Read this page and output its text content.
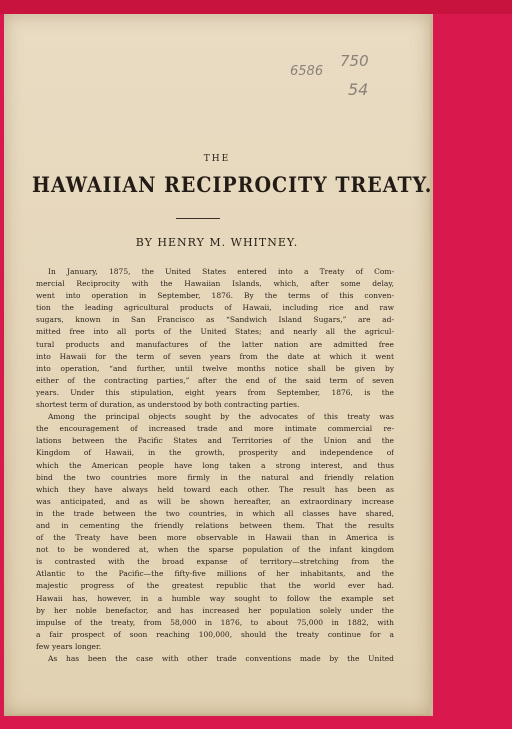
6586
750
54
THE
HAWAIIAN RECIPROCITY TREATY.
BY HENRY M. WHITNEY.
In January, 1875, the United States entered into a Treaty of Com-
mercial Reciprocity with the Hawaiian Islands, which, after some delay,
went into operation in September, 1876. By the terms of this conven-
tion the leading agricultural products of Hawaii, including rice and raw
sugars, known in San Francisco as “Sandwich Island Sugars,” are ad-
mitted free into all ports of the United States; and nearly all the agricul-
tural products and manufactures of the latter nation are admitted free
into Hawaii for the term of seven years from the date at which it went
into operation, “and further, until twelve months notice shall be given by
either of the contracting parties,” after the end of the said term of seven
years. Under this stipulation, eight years from September, 1876, is the
shortest term of duration, as understood by both contracting parties.
Among the principal objects sought by the advocates of this treaty was
the encouragement of increased trade and more intimate commercial re-
lations between the Pacific States and Territories of the Union and the
Kingdom of Hawaii, in the growth, prosperity and independence of
which the American people have long taken a strong interest, and thus
bind the two countries more firmly in the natural and friendly relation
which they have always held toward each other. The result has been as
was anticipated, and as will be shown hereafter, an extraordinary increase
in the trade between the two countries, in which all classes have shared,
and in cementing the friendly relations between them. That the results
of the Treaty have been more observable in Hawaii than in America is
not to be wondered at, when the sparse population of the infant kingdom
is contrasted with the broad expanse of territory—stretching from the
Atlantic to the Pacific—the fifty-five millions of her inhabitants, and the
majestic progress of the greatest republic that the world ever had.
Hawaii has, however, in a humble way sought to follow the example set
by her noble benefactor, and has increased her population solely under the
impulse of the treaty, from 58,000 in 1876, to about 75,000 in 1882, with
a fair prospect of soon reaching 100,000, should the treaty continue for a
few years longer.
As has been the case with other trade conventions made by the United
